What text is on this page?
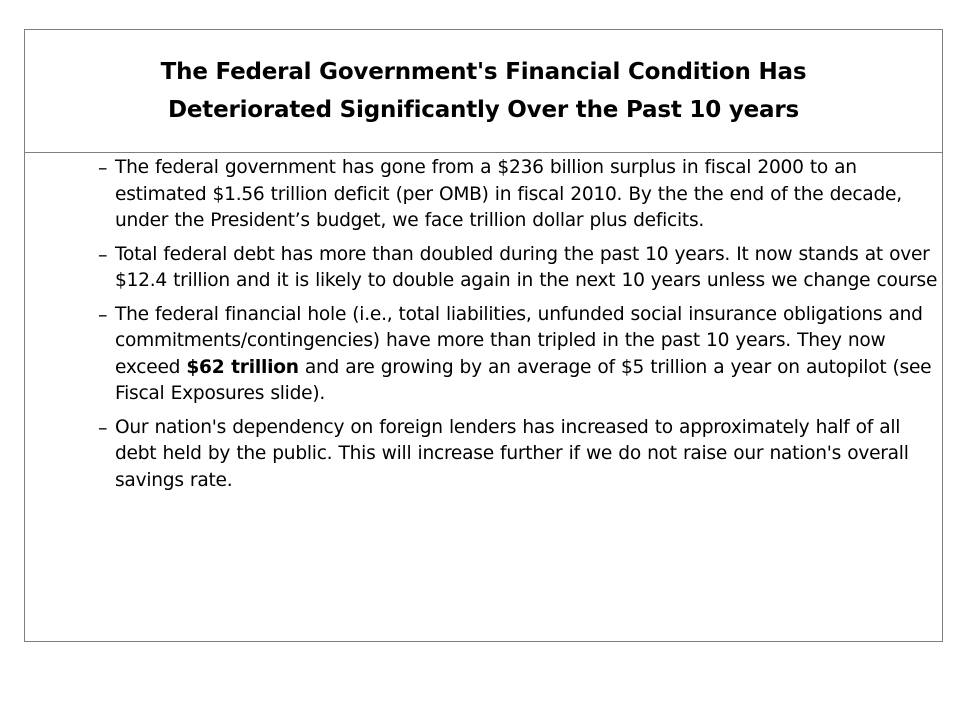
The Federal Government's Financial Condition Has
Deteriorated Significantly Over the Past 10 years
– The federal government has gone from a $236 billion surplus in fiscal 2000 to an estimated $1.56 trillion deficit (per OMB) in fiscal 2010. By the the end of the decade, under the President’s budget, we face trillion dollar plus deficits.
– Total federal debt has more than doubled during the past 10 years. It now stands at over $12.4 trillion and it is likely to double again in the next 10 years unless we change course
– The federal financial hole (i.e., total liabilities, unfunded social insurance obligations and commitments/contingencies) have more than tripled in the past 10 years. They now exceed $62 trillion and are growing by an average of $5 trillion a year on autopilot (see Fiscal Exposures slide).
– Our nation's dependency on foreign lenders has increased to approximately half of all debt held by the public. This will increase further if we do not raise our nation's overall savings rate.
